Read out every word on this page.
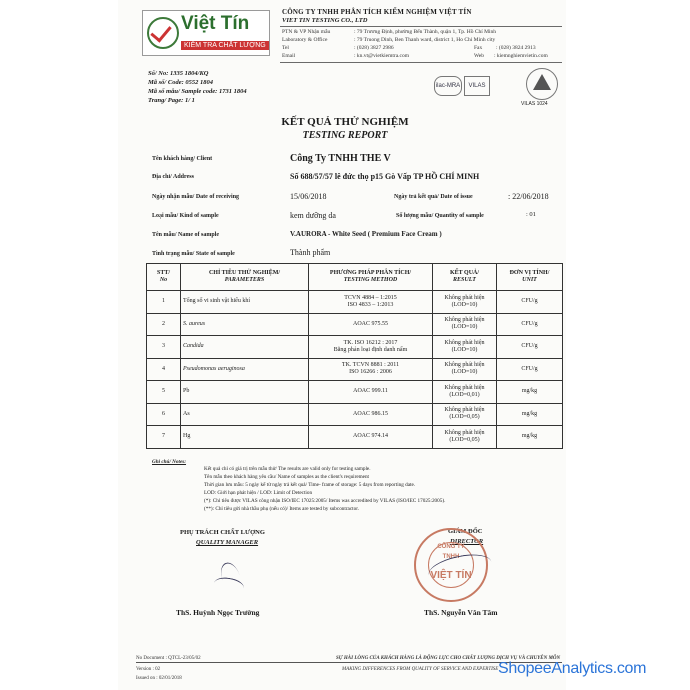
Việt Tín
KIỂM TRA CHẤT LƯỢNG
CÔNG TY TNHH PHÂN TÍCH KIỂM NGHIỆM VIỆT TÍN
VIET TIN TESTING CO., LTD
PTN & VP Nhận mẫu	: 79 Trương Định, phường Bến Thành, quận 1, Tp. Hồ Chí Minh
Laboratory & Office	: 79 Truong Dinh, Ben Thanh ward, district 1, Ho Chi Minh city
Tel	: (028) 3827 2986
Email	: kn.vt@vietkiemtra.com
Fax	: (028) 3824 2913
Web : kiemnghiemvietin.com
ilac-MRA	VILAS
VILAS 1024
Số/ No: 1335 1804/KQ
Mã số/ Code: 0552 1804
Mã số mẫu/ Sample code: 1731 1804
Trang/ Page: 1/ 1
KẾT QUẢ THỬ NGHIỆM
TESTING REPORT
Tên khách hàng/ Client	Công Ty TNHH THE V
Địa chỉ/ Address	Số 688/57/57 lê đức thọ p15 Gò Vấp TP HỒ CHÍ MINH
Ngày nhận mẫu/ Date of receiving	15/06/2018	Ngày trả kết quả/ Date of issue	: 22/06/2018
Loại mẫu/ Kind of sample	kem dưỡng da	Số lượng mẫu/ Quantity of sample	: 01
Tên mẫu/ Name of sample	V.AURORA - White Seed ( Premium Face Cream )
Tình trạng mẫu/ State of sample	Thành phẩm
STT/
No	CHỈ TIÊU THỬ NGHIỆM/
PARAMETERS	PHƯƠNG PHÁP PHÂN TÍCH/
TESTING METHOD	KẾT QUẢ/
RESULT	ĐƠN VỊ TÍNH/
UNIT
1	Tổng số vi sinh vật hiếu khí	TCVN 4884 – 1:2015
ISO 4833 – 1:2013	Không phát hiện
(LOD=10)	CFU/g
2	S. aureus	AOAC 975.55	Không phát hiện
(LOD=10)	CFU/g
3	Candida	TK. ISO 16212 : 2017
Bằng phản loại định danh nấm	Không phát hiện
(LOD=10)	CFU/g
4	Pseudomonas aeruginosa	TK. TCVN 8881 : 2011
ISO 16266 : 2006	Không phát hiện
(LOD=10)	CFU/g
5	Pb	AOAC 999.11	Không phát hiện
(LOD=0,01)	mg/kg
6	As	AOAC 986.15	Không phát hiện
(LOD=0,05)	mg/kg
7	Hg	AOAC 974.14	Không phát hiện
(LOD=0,05)	mg/kg
Ghi chú/ Notes:
Kết quả chỉ có giá trị trên mẫu thử/ The results are valid only for testing sample.
Tên mẫu theo khách hàng yêu cầu/ Name of samples as the client's requirement
Thời gian lưu mẫu: 5 ngày kể từ ngày trả kết quả/ Time- frame of storage: 5 days from reporting date.
LOD: Giới hạn phát hiện / LOD: Limit of Detection
(*): Chỉ tiêu được VILAS công nhận ISO/IEC 17025:2005/ Items was accredited by VILAS (ISO/IEC 17025:2005).
(**): Chỉ tiêu gửi nhà thầu phụ (nếu có)/ Items are tested by subcontractor.
PHỤ TRÁCH CHẤT LƯỢNG
QUALITY MANAGER
ThS. Huỳnh Ngọc Trường
GIÁM ĐỐC
DIRECTOR
CÔNG TY
TNHH
VIỆT TÍN
ThS. Nguyễn Văn Tâm
No Document : QTCL-23/05/02
Version : 02
Issued on : 02/01/2018
SỰ HÀI LÒNG CỦA KHÁCH HÀNG LÀ ĐỘNG LỰC CHO CHẤT LƯỢNG DỊCH VỤ VÀ CHUYÊN MÔN
MAKING DIFFERENCES FROM QUALITY OF SERVICE AND EXPERTISE ShopeeAnalytics.com
